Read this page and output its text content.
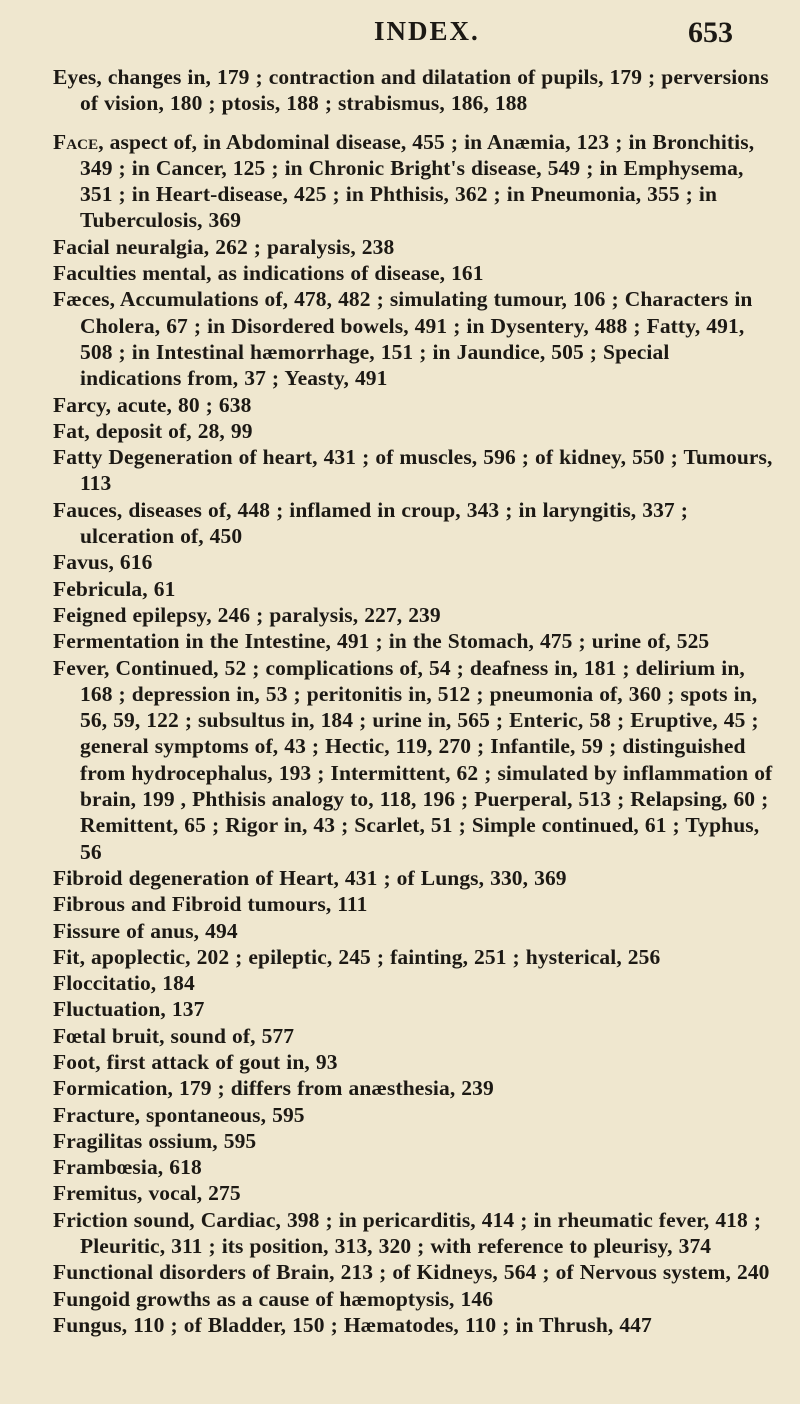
INDEX.	653
Eyes, changes in, 179 ; contraction and dilatation of pupils, 179 ; perversions of vision, 180 ; ptosis, 188 ; strabismus, 186, 188
Face, aspect of, in Abdominal disease, 455 ; in Anæmia, 123 ; in Bronchitis, 349 ; in Cancer, 125 ; in Chronic Bright's disease, 549 ; in Emphysema, 351 ; in Heart-disease, 425 ; in Phthisis, 362 ; in Pneumonia, 355 ; in Tuberculosis, 369
Facial neuralgia, 262 ; paralysis, 238
Faculties mental, as indications of disease, 161
Fæces, Accumulations of, 478, 482 ; simulating tumour, 106 ; Characters in Cholera, 67 ; in Disordered bowels, 491 ; in Dysentery, 488 ; Fatty, 491, 508 ; in Intestinal hæmorrhage, 151 ; in Jaundice, 505 ; Special indications from, 37 ; Yeasty, 491
Farcy, acute, 80 ; 638
Fat, deposit of, 28, 99
Fatty Degeneration of heart, 431 ; of muscles, 596 ; of kidney, 550 ; Tumours, 113
Fauces, diseases of, 448 ; inflamed in croup, 343 ; in laryngitis, 337 ; ulceration of, 450
Favus, 616
Febricula, 61
Feigned epilepsy, 246 ; paralysis, 227, 239
Fermentation in the Intestine, 491 ; in the Stomach, 475 ; urine of, 525
Fever, Continued, 52 ; complications of, 54 ; deafness in, 181 ; delirium in, 168 ; depression in, 53 ; peritonitis in, 512 ; pneumonia of, 360 ; spots in, 56, 59, 122 ; subsultus in, 184 ; urine in, 565 ; Enteric, 58 ; Eruptive, 45 ; general symptoms of, 43 ; Hectic, 119, 270 ; Infantile, 59 ; distinguished from hydrocephalus, 193 ; Intermittent, 62 ; simulated by inflammation of brain, 199 , Phthisis analogy to, 118, 196 ; Puerperal, 513 ; Relapsing, 60 ; Remittent, 65 ; Rigor in, 43 ; Scarlet, 51 ; Simple continued, 61 ; Typhus, 56
Fibroid degeneration of Heart, 431 ; of Lungs, 330, 369
Fibrous and Fibroid tumours, 111
Fissure of anus, 494
Fit, apoplectic, 202 ; epileptic, 245 ; fainting, 251 ; hysterical, 256
Floccitatio, 184
Fluctuation, 137
Fœtal bruit, sound of, 577
Foot, first attack of gout in, 93
Formication, 179 ; differs from anæsthesia, 239
Fracture, spontaneous, 595
Fragilitas ossium, 595
Frambœsia, 618
Fremitus, vocal, 275
Friction sound, Cardiac, 398 ; in pericarditis, 414 ; in rheumatic fever, 418 ; Pleuritic, 311 ; its position, 313, 320 ; with reference to pleurisy, 374
Functional disorders of Brain, 213 ; of Kidneys, 564 ; of Nervous system, 240
Fungoid growths as a cause of hæmoptysis, 146
Fungus, 110 ; of Bladder, 150 ; Hæmatodes, 110 ; in Thrush, 447
